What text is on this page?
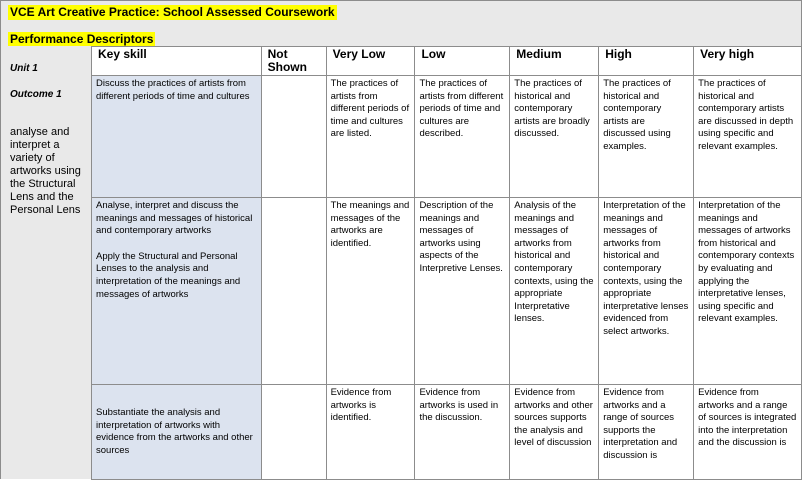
VCE Art Creative Practice: School Assessed Coursework
Performance Descriptors
Unit 1
Outcome 1
analyse and interpret a variety of artworks using the Structural Lens and the Personal Lens
Key skill	Not Shown	Very Low	Low	Medium	High	Very high

Discuss the practices of artists from different periods of time and cultures		The practices of artists from different periods of time and cultures are listed.	The practices of artists from different periods of time and cultures are described.	The practices of historical and contemporary artists are broadly discussed.	The practices of historical and contemporary artists are discussed using examples.	The practices of historical and contemporary artists are discussed in depth using specific and relevant examples.

Analyse, interpret and discuss the meanings and messages of historical and contemporary artworks
Apply the Structural and Personal Lenses to the analysis and interpretation of the meanings and messages of artworks		The meanings and messages of the artworks are identified.	Description of the meanings and messages of artworks using aspects of the Interpretive Lenses.	Analysis of the meanings and messages of artworks from historical and contemporary contexts, using the appropriate Interpretative lenses.	Interpretation of the meanings and messages of artworks from historical and contemporary contexts, using the appropriate interpretative lenses evidenced from select artworks.	Interpretation of the meanings and messages of artworks from historical and contemporary contexts by evaluating and applying the interpretative lenses, using specific and relevant examples.

Substantiate the analysis and interpretation of artworks with evidence from the artworks and other sources		Evidence from artworks is identified.	Evidence from artworks is used in the discussion.	Evidence from artworks and other sources supports the analysis and level of discussion	Evidence from artworks and a range of sources supports the interpretation and discussion is	Evidence from artworks and a range of sources is integrated into the interpretation and the discussion is
